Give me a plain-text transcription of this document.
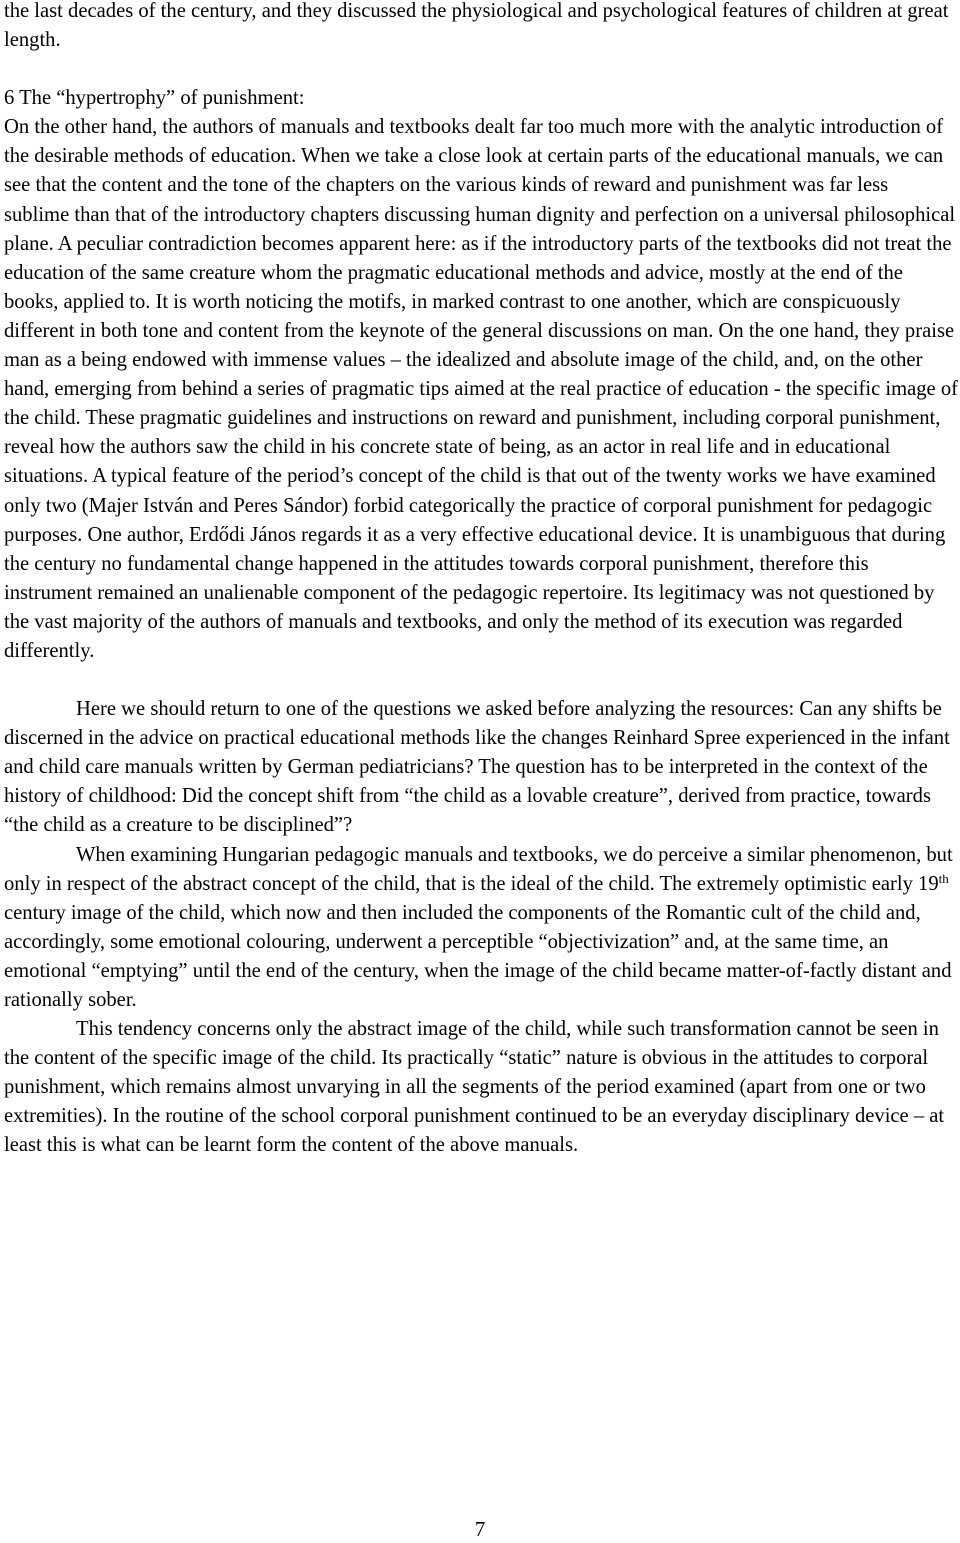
the last decades of the century, and they discussed the physiological and psychological features of children at great length.

6 The “hypertrophy” of punishment:

On the other hand, the authors of manuals and textbooks dealt far too much more with the analytic introduction of the desirable methods of education. When we take a close look at certain parts of the educational manuals, we can see that the content and the tone of the chapters on the various kinds of reward and punishment was far less sublime than that of the introductory chapters discussing human dignity and perfection on a universal philosophical plane. A peculiar contradiction becomes apparent here: as if the introductory parts of the textbooks did not treat the education of the same creature whom the pragmatic educational methods and advice, mostly at the end of the books, applied to. It is worth noticing the motifs, in marked contrast to one another, which are conspicuously different in both tone and content from the keynote of the general discussions on man. On the one hand, they praise man as a being endowed with immense values – the idealized and absolute image of the child, and, on the other hand, emerging from behind a series of pragmatic tips aimed at the real practice of education - the specific image of the child. These pragmatic guidelines and instructions on reward and punishment, including corporal punishment, reveal how the authors saw the child in his concrete state of being, as an actor in real life and in educational situations. A typical feature of the period’s concept of the child is that out of the twenty works we have examined only two (Majer István and Peres Sándor) forbid categorically the practice of corporal punishment for pedagogic purposes. One author, Erdődi János regards it as a very effective educational device. It is unambiguous that during the century no fundamental change happened in the attitudes towards corporal punishment, therefore this instrument remained an unalienable component of the pedagogic repertoire. Its legitimacy was not questioned by the vast majority of the authors of manuals and textbooks, and only the method of its execution was regarded differently.

Here we should return to one of the questions we asked before analyzing the resources: Can any shifts be discerned in the advice on practical educational methods like the changes Reinhard Spree experienced in the infant and child care manuals written by German pediatricians? The question has to be interpreted in the context of the history of childhood: Did the concept shift from “the child as a lovable creature”, derived from practice, towards “the child as a creature to be disciplined”?

When examining Hungarian pedagogic manuals and textbooks, we do perceive a similar phenomenon, but only in respect of the abstract concept of the child, that is the ideal of the child. The extremely optimistic early 19th century image of the child, which now and then included the components of the Romantic cult of the child and, accordingly, some emotional colouring, underwent a perceptible “objectivization” and, at the same time, an emotional “emptying” until the end of the century, when the image of the child became matter-of-factly distant and rationally sober.

This tendency concerns only the abstract image of the child, while such transformation cannot be seen in the content of the specific image of the child. Its practically “static” nature is obvious in the attitudes to corporal punishment, which remains almost unvarying in all the segments of the period examined (apart from one or two extremities). In the routine of the school corporal punishment continued to be an everyday disciplinary device – at least this is what can be learnt form the content of the above manuals.

7
